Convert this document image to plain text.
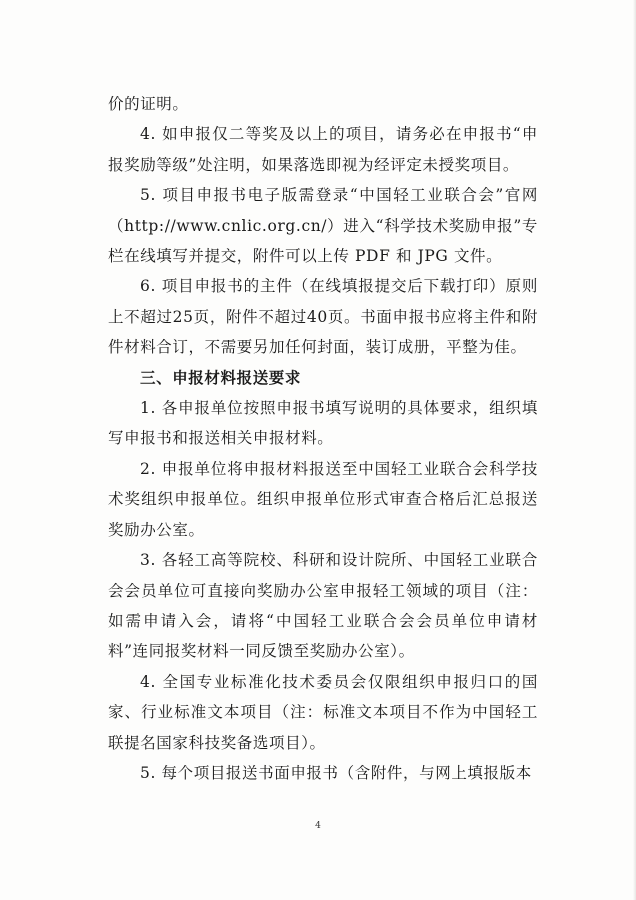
价的证明。

4. 如申报仅二等奖及以上的项目，请务必在申报书“申报奖励等级”处注明，如果落选即视为经评定未授奖项目。

5. 项目申报书电子版需登录“中国轻工业联合会”官网（http://www.cnlic.org.cn/）进入“科学技术奖励申报”专栏在线填写并提交，附件可以上传 PDF 和 JPG 文件。

6. 项目申报书的主件（在线填报提交后下载打印）原则上不超过25页，附件不超过40页。书面申报书应将主件和附件材料合订，不需要另加任何封面，装订成册，平整为佳。

三、申报材料报送要求

1. 各申报单位按照申报书填写说明的具体要求，组织填写申报书和报送相关申报材料。

2. 申报单位将申报材料报送至中国轻工业联合会科学技术奖组织申报单位。组织申报单位形式审查合格后汇总报送奖励办公室。

3. 各轻工高等院校、科研和设计院所、中国轻工业联合会会员单位可直接向奖励办公室申报轻工领域的项目（注：如需申请入会，请将“中国轻工业联合会会员单位申请材料”连同报奖材料一同反馈至奖励办公室）。

4. 全国专业标准化技术委员会仅限组织申报归口的国家、行业标准文本项目（注：标准文本项目不作为中国轻工联提名国家科技奖备选项目）。

5. 每个项目报送书面申报书（含附件，与网上填报版本

4
